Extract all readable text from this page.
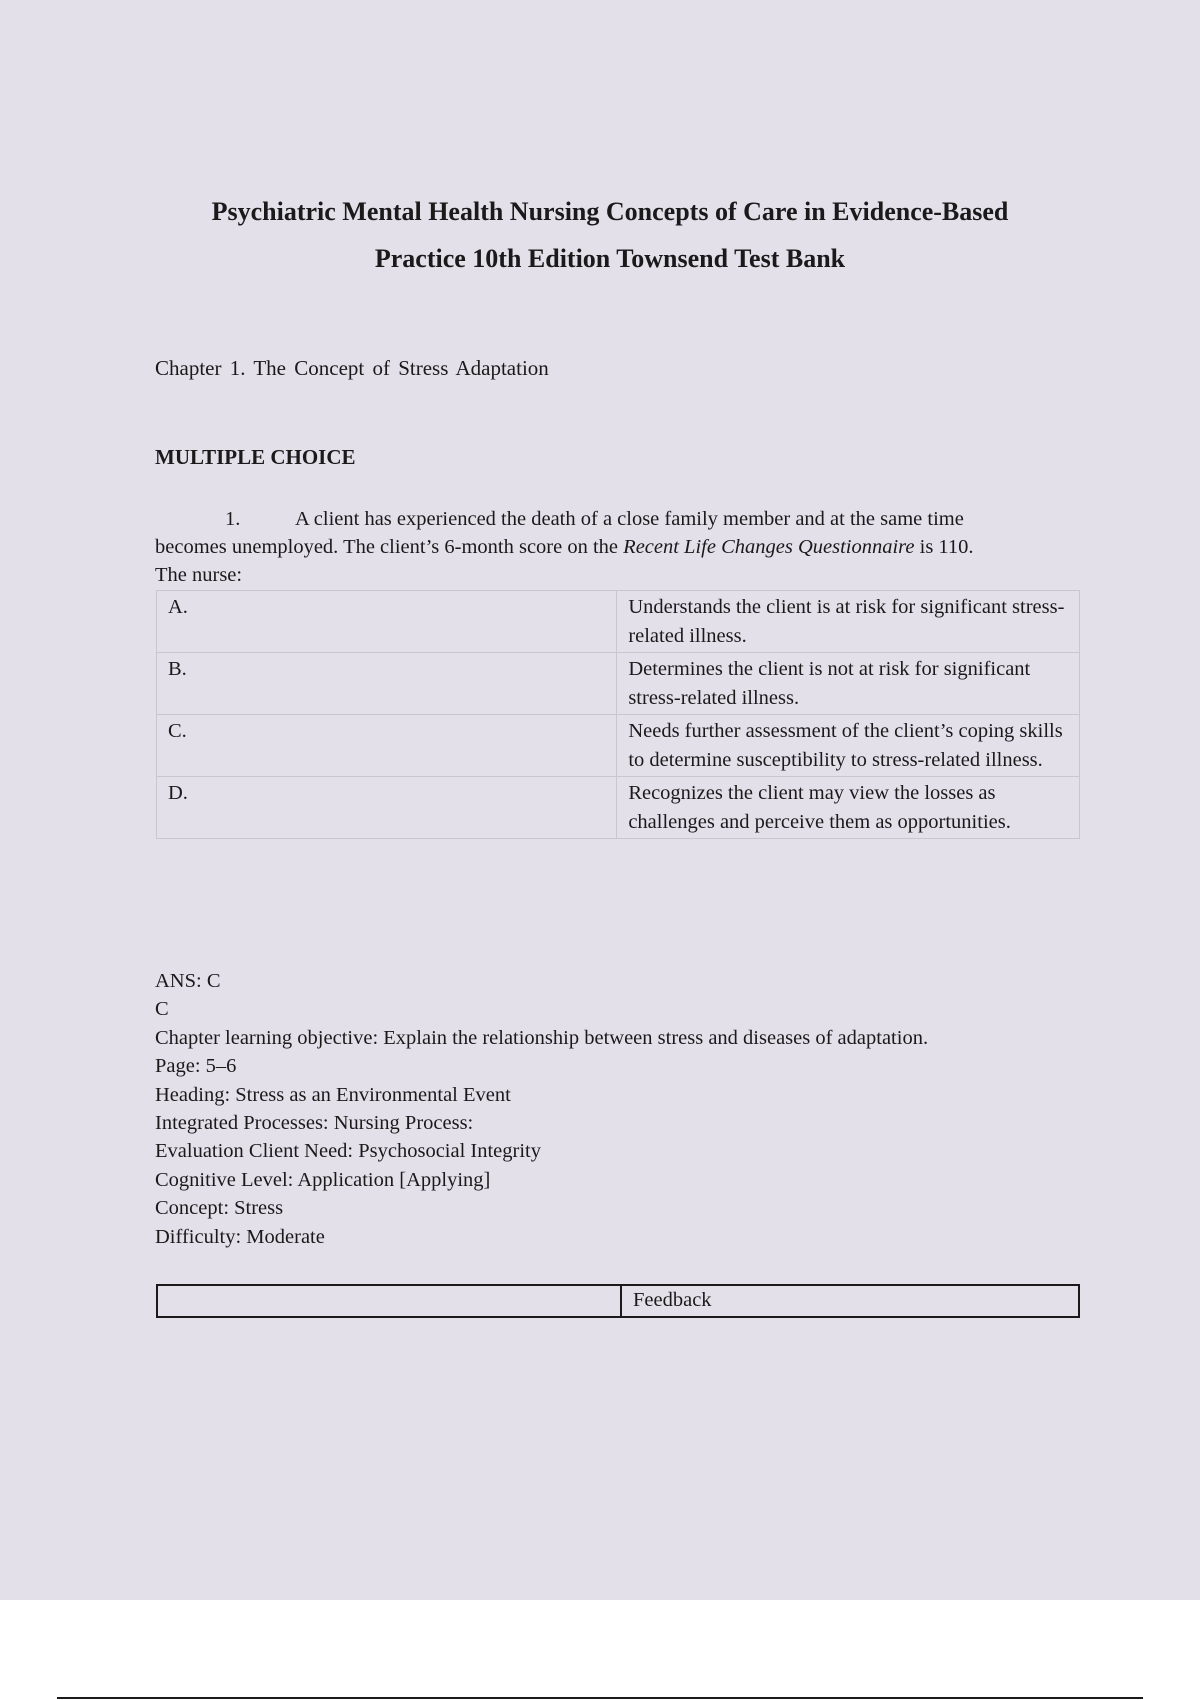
Psychiatric Mental Health Nursing Concepts of Care in Evidence-Based
Practice 10th Edition Townsend Test Bank
Chapter 1. The Concept of Stress Adaptation
MULTIPLE CHOICE
1.	A client has experienced the death of a close family member and at the same time becomes unemployed. The client’s 6-month score on the Recent Life Changes Questionnaire is 110. The nurse:
A.	Understands the client is at risk for significant stress-related illness.
B.	Determines the client is not at risk for significant stress-related illness.
C.	Needs further assessment of the client’s coping skills to determine susceptibility to stress-related illness.
D.	Recognizes the client may view the losses as challenges and perceive them as opportunities.
ANS: C
C
Chapter learning objective: Explain the relationship between stress and diseases of adaptation.
Page: 5–6
Heading: Stress as an Environmental Event
Integrated Processes: Nursing Process:
Evaluation Client Need: Psychosocial Integrity
Cognitive Level: Application [Applying]
Concept: Stress
Difficulty: Moderate
	Feedback
